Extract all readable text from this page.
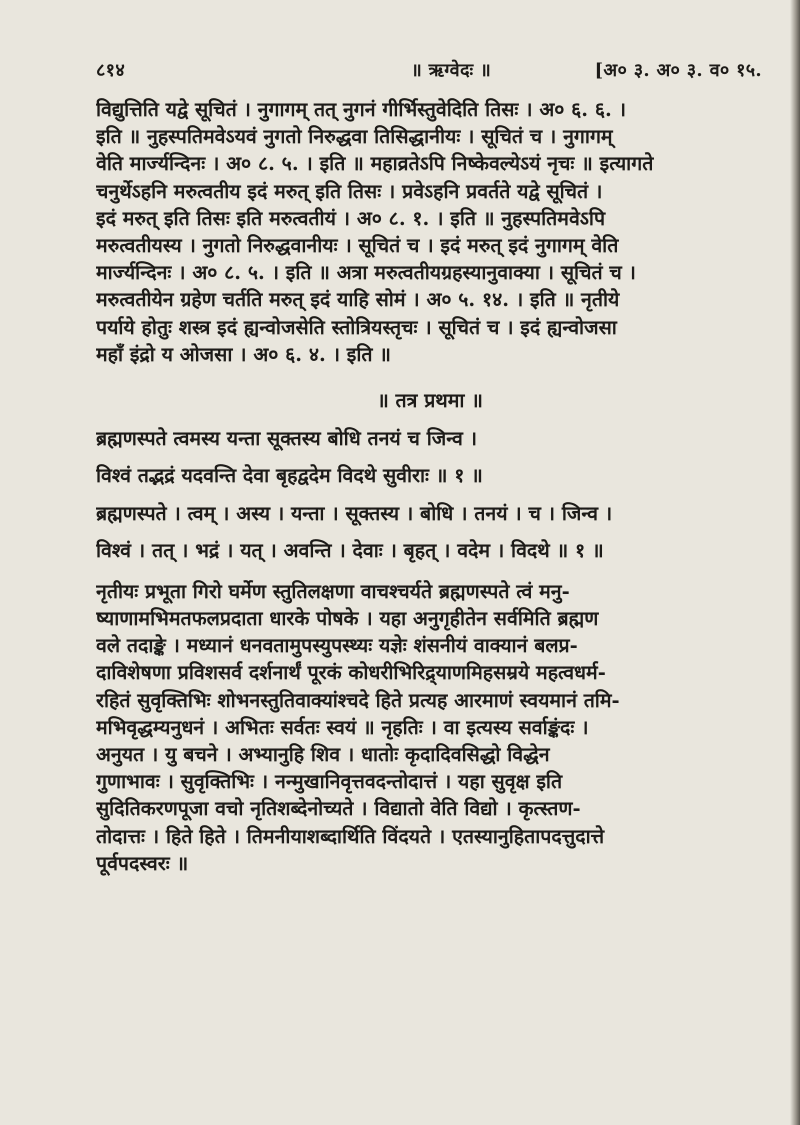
८१४	॥ ऋग्वेदः ॥	[अ० ३. अ० ३. व० १५.
विद्युत्तिति यद्वे सूचितं । नुगागम् तत् नुगनं गीर्भिस्तुवेदिति तिसः । अ० ६. ६. ।
इति ॥ नुहस्पतिमवेऽयवं नुगतो निरुद्धवा तिसिद्धानीयः । सूचितं च । नुगागम्
वेति मार्ज्यन्दिनः । अ० ८. ५. । इति ॥ महाव्रतेऽपि निष्केवल्येऽयं नृचः ॥ इत्यागते
चनुर्थेऽहनि मरुत्वतीय इदं मरुत् इति तिसः । प्रवेऽहनि प्रवर्तते यद्वे सूचितं ।
इदं मरुत् इति तिसः इति मरुत्वतीयं । अ० ८. १. । इति ॥ नुहस्पतिमवेऽपि
मरुत्वतीयस्य । नुगतो निरुद्धवानीयः । सूचितं च । इदं मरुत् इदं नुगागम् वेति
मार्ज्यन्दिनः । अ० ८. ५. । इति ॥ अत्रा मरुत्वतीयग्रहस्यानुवाक्या । सूचितं च ।
मरुत्वतीयेन ग्रहेण चर्तति मरुत् इदं याहि सोमं । अ० ५. १४. । इति ॥ नृतीये
पर्याये होतुः शस्त्र इदं ह्यन्वोजसेति स्तोत्रियस्तृचः । सूचितं च । इदं ह्यन्वोजसा
महाँ इंद्रो य ओजसा । अ० ६. ४. । इति ॥
॥ तत्र प्रथमा ॥
ब्रह्मणस्पते त्वमस्य यन्ता सूक्तस्य बोधि तनयं च जिन्व ।
विश्वं तद्भद्रं यदवन्ति देवा बृहद्वदेम विदथे सुवीराः ॥ १ ॥
ब्रह्मणस्पते । त्वम् । अस्य । यन्ता । सूक्तस्य । बोधि । तनयं । च । जिन्व ।
विश्वं । तत् । भद्रं । यत् । अवन्ति । देवाः । बृहत् । वदेम । विदथे ॥ १ ॥
नृतीयः प्रभूता गिरो घर्मेण स्तुतिलक्षणा वाचश्चर्यते ब्रह्मणस्पते त्वं मनु-
ष्याणामभिमतफलप्रदाता धारके पोषके । यहा अनुगृहीतेन सर्वमिति ब्रह्मण
वले तदाङ्के । मध्यानं धनवतामुपस्युपस्थ्यः यज्ञेः शंसनीयं वाक्यानं बलप्र-
दाविशेषणा प्रविशसर्व दर्शनार्थं पूरकं कोधरीभिरिद्र्याणमिहसम्रये महत्वधर्म-
रहितं सुवृक्तिभिः शोभनस्तुतिवाक्यांश्चदे हिते प्रत्यह आरमाणं स्वयमानं तमि-
मभिवृद्धम्यनुधनं । अभितः सर्वतः स्वयं ॥ नृहतिः । वा इत्यस्य सर्वाङ्कंदः ।
अनुयत । यु बचने । अभ्यानुहि शिव । धातोः कृदादिवसिद्धो विद्धेन
गुणाभावः । सुवृक्तिभिः । नन्मुखानिवृत्तवदन्तोदात्तं । यहा सुवृक्ष इति
सुदितिकरणपूजा वचो नृतिशब्देनोच्यते । विद्यातो वेति विद्यो । कृत्स्तण-
तोदात्तः । हिते हिते । तिमनीयाशब्दार्थिति विंदयते । एतस्यानुहितापदत्तुदात्ते
पूर्वपदस्वरः ॥
